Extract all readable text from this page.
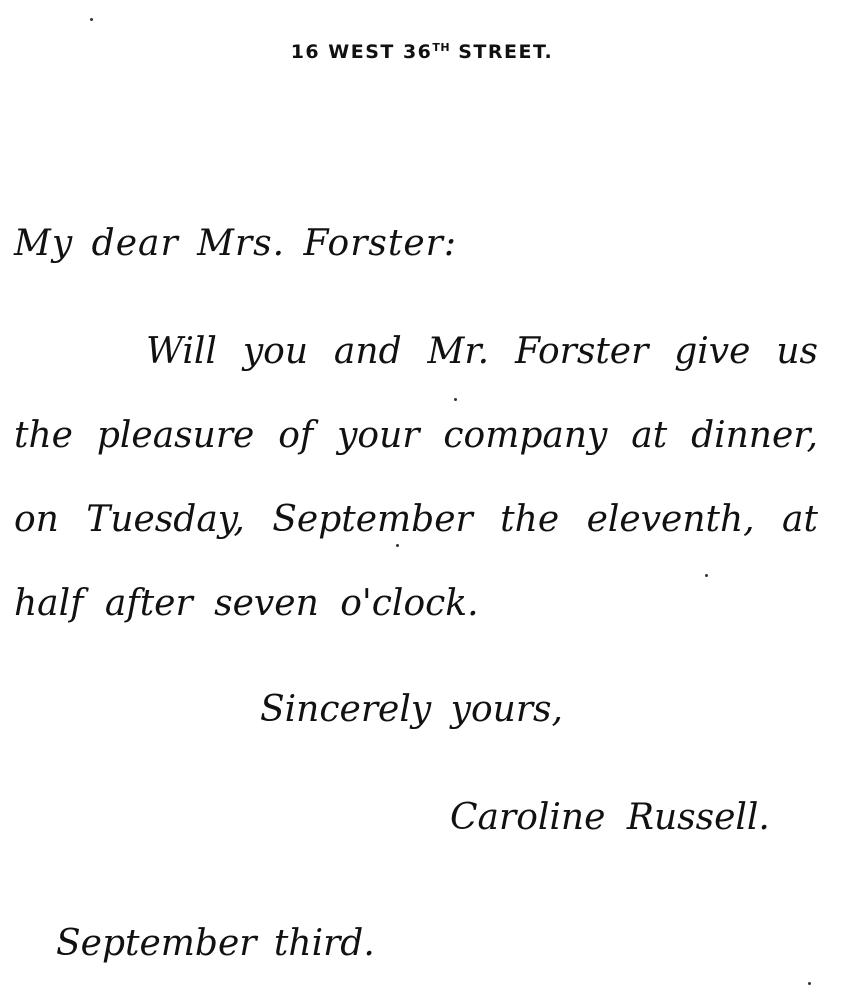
16 WEST 36TH STREET.
My dear Mrs. Forster:
Will you and Mr. Forster give us
the pleasure of your company at dinner,
on Tuesday, September the eleventh, at
half after seven o'clock.
Sincerely yours,
Caroline Russell.
September third.
